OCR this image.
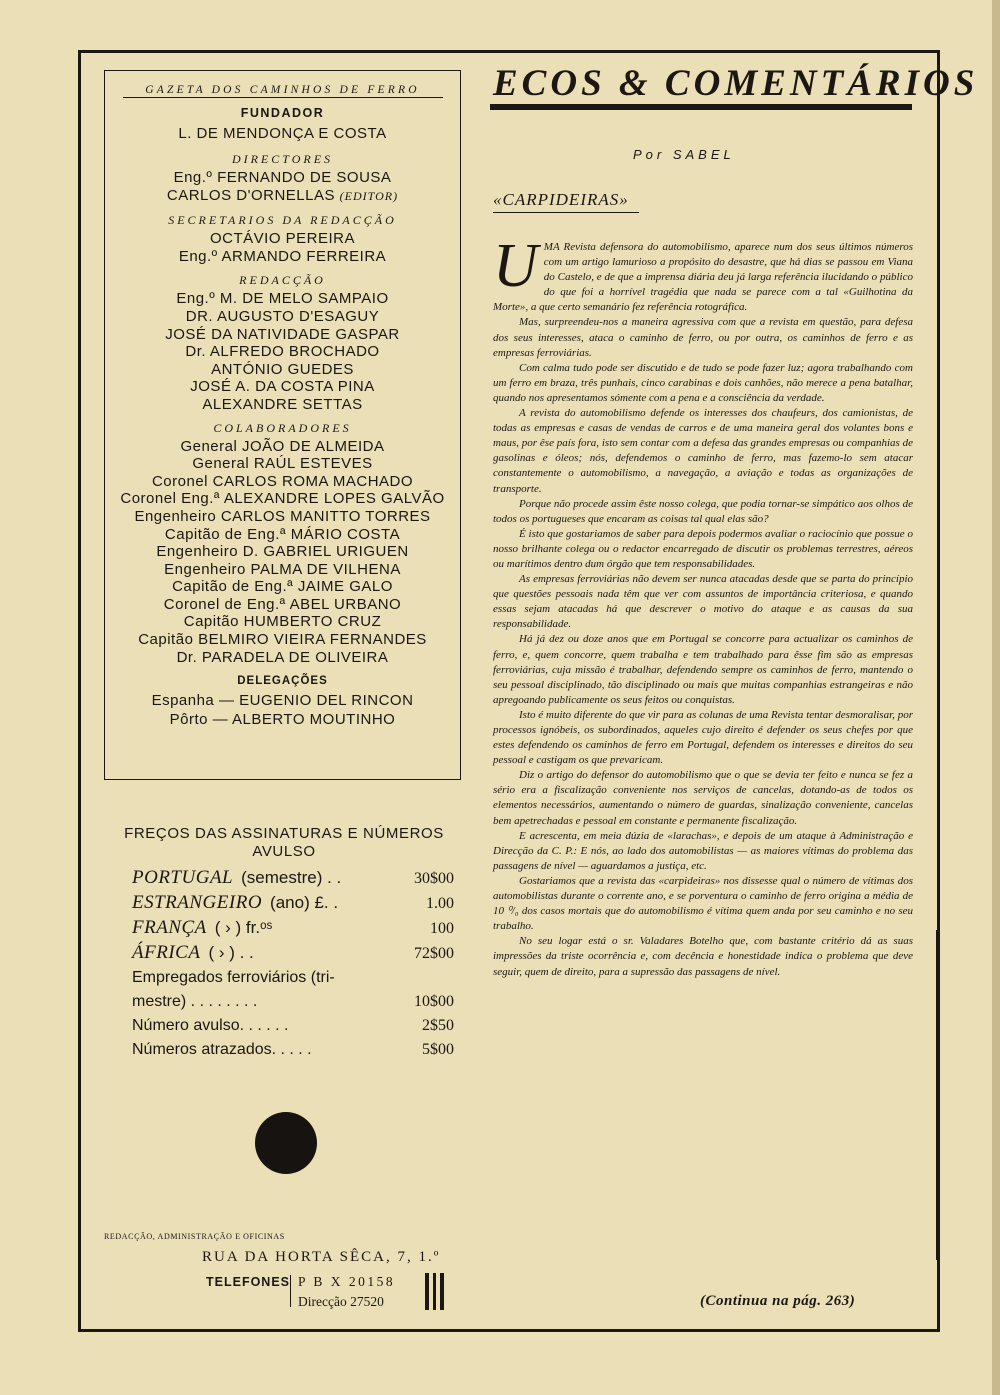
GAZETA DOS CAMINHOS DE FERRO
FUNDADOR
L. DE MENDONÇA E COSTA
DIRECTORES
Eng.º FERNANDO DE SOUSA
CARLOS D'ORNELLAS (EDITOR)
SECRETARIOS DA REDACÇÃO
OCTÁVIO PEREIRA
Eng.º ARMANDO FERREIRA
REDACÇÃO
Eng.º M. DE MELO SAMPAIO
DR. AUGUSTO D'ESAGUY
JOSÉ DA NATIVIDADE GASPAR
Dr. ALFREDO BROCHADO
ANTÓNIO GUEDES
JOSÉ A. DA COSTA PINA
ALEXANDRE SETTAS
COLABORADORES
General JOÃO DE ALMEIDA
General RAÚL ESTEVES
Coronel CARLOS ROMA MACHADO
Coronel Eng.ª ALEXANDRE LOPES GALVÃO
Engenheiro CARLOS MANITTO TORRES
Capitão de Eng.ª MÁRIO COSTA
Engenheiro D. GABRIEL URIGUEN
Engenheiro PALMA DE VILHENA
Capitão de Eng.ª JAIME GALO
Coronel de Eng.ª ABEL URBANO
Capitão HUMBERTO CRUZ
Capitão BELMIRO VIEIRA FERNANDES
Dr. PARADELA DE OLIVEIRA
DELEGAÇÕES
Espanha — EUGENIO DEL RINCON
Pôrto — ALBERTO MOUTINHO
FREÇOS DAS ASSINATURAS E NÚMEROS
AVULSO
PORTUGAL (semestre) . .	30$00
ESTRANGEIRO (ano) £. .	1.00
FRANÇA ( › ) fr.ᵒˢ	100
ÁFRICA ( › ) . .	72$00
Empregados ferroviários (tri-
mestre) . . . . . . . .	10$00
Número avulso. . . . . .	2$50
Números atrazados. . . . .	5$00
REDACÇÃO, ADMINISTRAÇÃO E OFICINAS
RUA DA HORTA SÊCA, 7, 1.º
TELEFONES P B X 20158
Direcção 27520
ECOS & COMENTÁRIOS
Por SABEL
«CARPIDEIRAS»

UMA Revista defensora do automobilismo, aparece num dos seus últimos números com um artigo lamurioso a propósito do desastre, que há dias se passou em Viana do Castelo, e de que a imprensa diária deu já larga referência ilucidando o público do que foi a horrível tragédia que nada se parece com a tal «Guilhotina da Morte», a que certo semanário fez referência rotográfica.

Mas, surpreendeu-nos a maneira agressiva com que a revista em questão, para defesa dos seus interesses, ataca o caminho de ferro, ou por outra, os caminhos de ferro e as empresas ferroviárias.

Com calma tudo pode ser discutido e de tudo se pode fazer luz; agora trabalhando com um ferro em braza, três punhais, cinco carabinas e dois canhões, não merece a pena batalhar, quando nos apresentamos sómente com a pena e a consciência da verdade.

A revista do automobilismo defende os interesses dos chaufeurs, dos camionistas, de todas as empresas e casas de vendas de carros e de uma maneira geral dos volantes bons e maus, por êse país fora, isto sem contar com a defesa das grandes empresas ou companhias de gasolinas e óleos; nós, defendemos o caminho de ferro, mas fazemo-lo sem atacar constantemente o automobilismo, a navegação, a aviação e todas as organizações de transporte.

Porque não procede assim êste nosso colega, que podia tornar-se simpático aos olhos de todos os portugueses que encaram as coisas tal qual elas são?

É isto que gostariamos de saber para depois podermos avaliar o raciocínio que possue o nosso brilhante colega ou o redactor encarregado de discutir os problemas terrestres, aéreos ou marítimos dentro dum órgão que tem responsabilidades.

As empresas ferroviárias não devem ser nunca atacadas desde que se parta do princípio que questões pessoais nada têm que ver com assuntos de importância criteriosa, e quando essas sejam atacadas há que descrever o motivo do ataque e as causas da sua responsabilidade.

Há já dez ou doze anos que em Portugal se concorre para actualizar os caminhos de ferro, e, quem concorre, quem trabalha e tem trabalhado para êsse fim são as empresas ferroviárias, cuja missão é trabalhar, defendendo sempre os caminhos de ferro, mantendo o seu pessoal disciplinado, tão disciplinado ou mais que muitas companhias estrangeiras e não apregoando publicamente os seus feitos ou conquistas.

Isto é muito diferente do que vir para as colunas de uma Revista tentar desmoralisar, por processos ignóbeis, os subordinados, aqueles cujo direito é defender os seus chefes por que estes defendendo os caminhos de ferro em Portugal, defendem os interesses e direitos do seu pessoal e castigam os que prevaricam.

Diz o artigo do defensor do automobilismo que o que se devia ter feito e nunca se fez a sério era a fiscalização conveniente nos serviços de cancelas, dotando-as de todos os elementos necessários, aumentando o número de guardas, sinalização conveniente, cancelas bem apetrechadas e pessoal em constante e permanente fiscalização.

E acrescenta, em meia dúzia de «larachas», e depois de um ataque à Administração e Direcção da C. P.: E nós, ao lado dos automobilistas — as maiores vítimas do problema das passagens de nível — aguardamos a justiça, etc.

Gostariamos que a revista das «carpideiras» nos dissesse qual o número de vítimas dos automobilistas durante o corrente ano, e se porventura o caminho de ferro origina a média de 10 ⁰/₀ dos casos mortais que do automobilismo é vítima quem anda por seu caminho e no seu trabalho.

No seu logar está o sr. Valadares Botelho que, com bastante critério dá as suas impressões da triste ocorrência e, com decência e honestidade indica o problema que deve seguir, quem de direito, para a supressão das passagens de nível.

(Continua na pág. 263)
